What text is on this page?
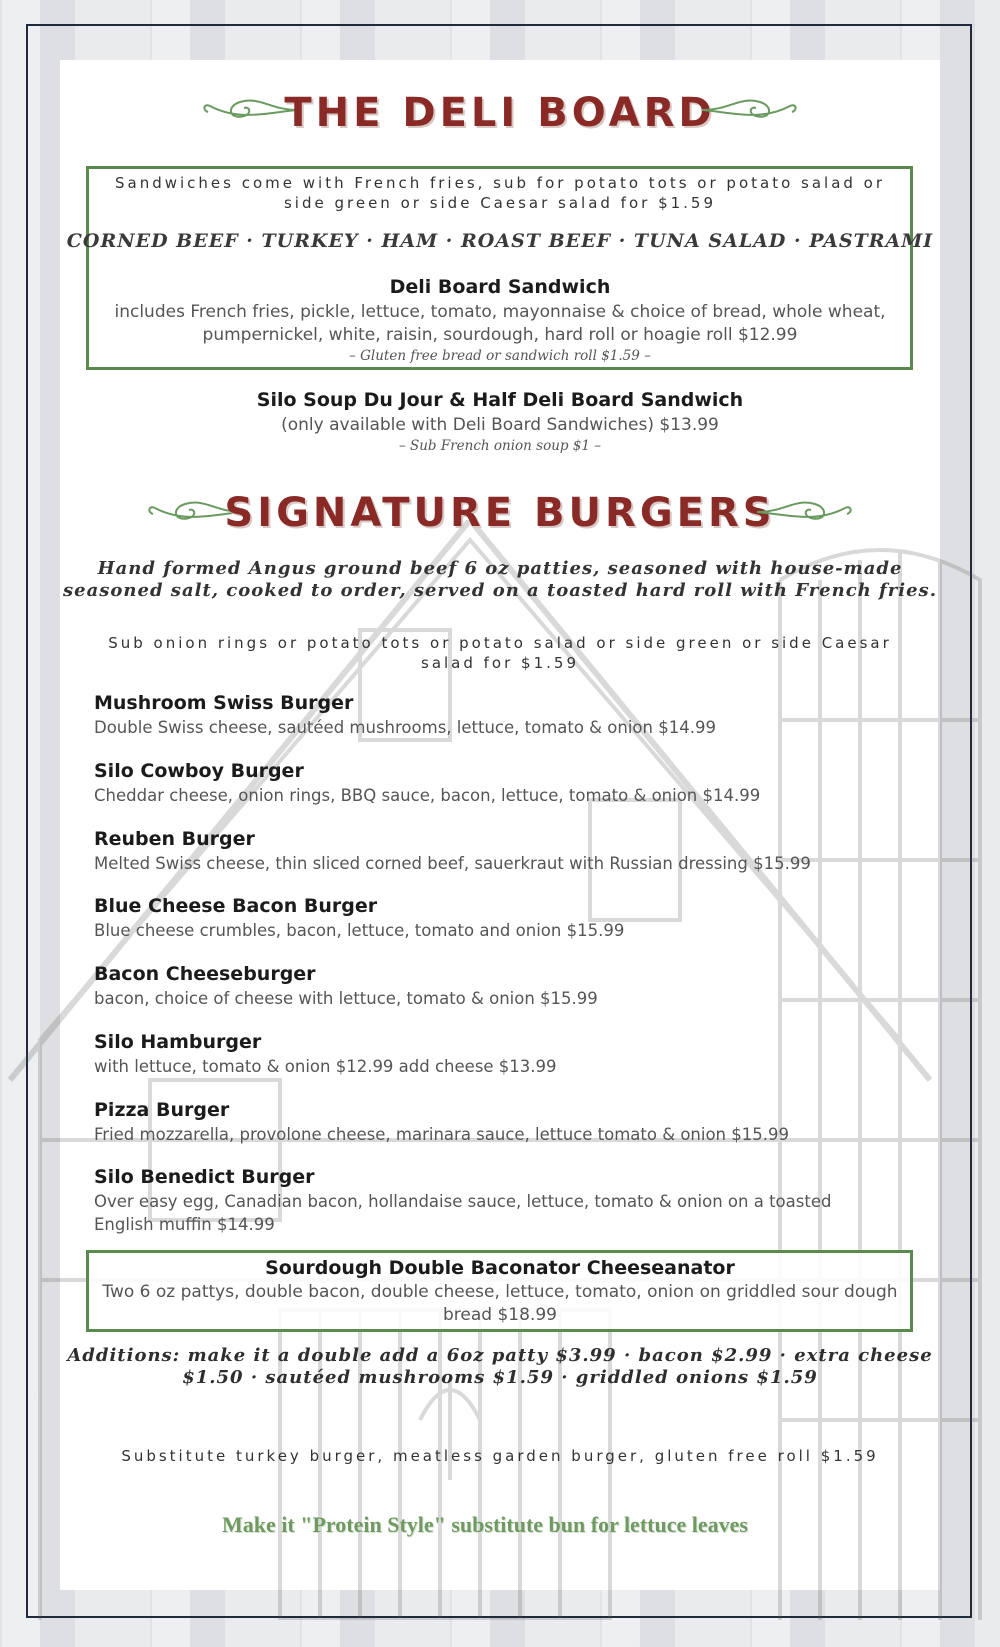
THE DELI BOARD
Sandwiches come with French fries, sub for potato tots or potato salad or side green or side Caesar salad for $1.59
CORNED BEEF · TURKEY · HAM · ROAST BEEF · TUNA SALAD · PASTRAMI
Deli Board Sandwich
includes French fries, pickle, lettuce, tomato, mayonnaise & choice of bread, whole wheat,
pumpernickel, white, raisin, sourdough, hard roll or hoagie roll $12.99
– Gluten free bread or sandwich roll $1.59 –
Silo Soup Du Jour & Half Deli Board Sandwich
(only available with Deli Board Sandwiches) $13.99
– Sub French onion soup $1 –
SIGNATURE BURGERS
Hand formed Angus ground beef 6 oz patties, seasoned with house-made
seasoned salt, cooked to order, served on a toasted hard roll with French fries.
Sub onion rings or potato tots or potato salad or side green or side Caesar
salad for $1.59
Mushroom Swiss Burger
Double Swiss cheese, sautéed mushrooms, lettuce, tomato & onion $14.99
Silo Cowboy Burger
Cheddar cheese, onion rings, BBQ sauce, bacon, lettuce, tomato & onion $14.99
Reuben Burger
Melted Swiss cheese, thin sliced corned beef, sauerkraut with Russian dressing $15.99
Blue Cheese Bacon Burger
Blue cheese crumbles, bacon, lettuce, tomato and onion $15.99
Bacon Cheeseburger
bacon, choice of cheese with lettuce, tomato & onion $15.99
Silo Hamburger
with lettuce, tomato & onion $12.99 add cheese $13.99
Pizza Burger
Fried mozzarella, provolone cheese, marinara sauce, lettuce tomato & onion $15.99
Silo Benedict Burger
Over easy egg, Canadian bacon, hollandaise sauce, lettuce, tomato & onion on a toasted English muffin $14.99
Sourdough Double Baconator Cheeseanator
Two 6 oz pattys, double bacon, double cheese, lettuce, tomato, onion on griddled sour dough
bread $18.99
Additions: make it a double add a 6oz patty $3.99 · bacon $2.99 · extra cheese
$1.50 · sautéed mushrooms $1.59 · griddled onions $1.59
Substitute turkey burger, meatless garden burger, gluten free roll $1.59
Make it "Protein Style" substitute bun for lettuce leaves
